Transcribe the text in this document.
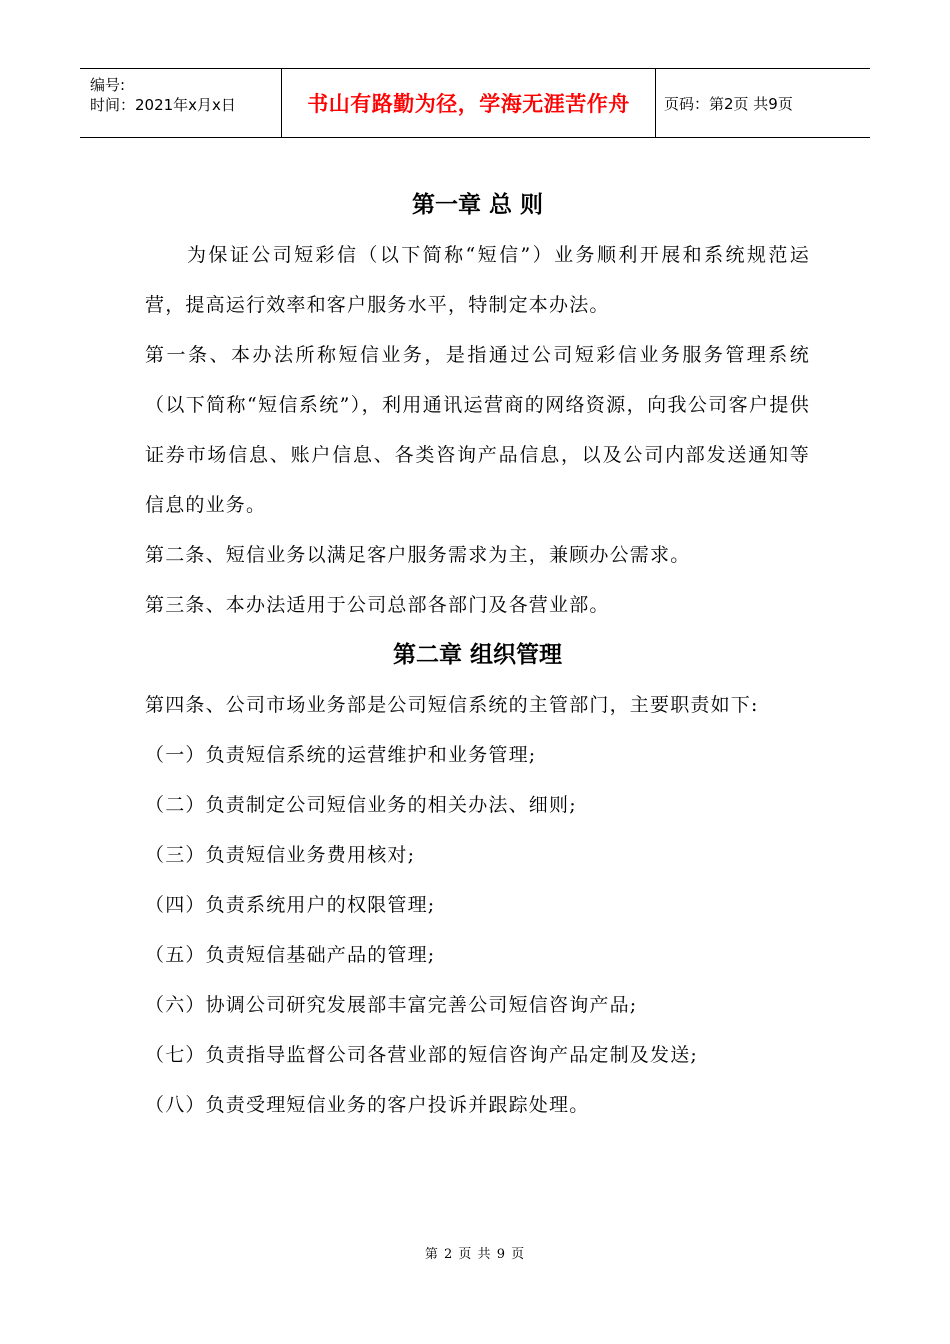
编号:
时间：2021年x月x日	书山有路勤为径，学海无涯苦作舟	页码：第2页 共9页
第一章 总 则

为保证公司短彩信（以下简称“短信”）业务顺利开展和系统规范运营，提高运行效率和客户服务水平，特制定本办法。

第一条、本办法所称短信业务，是指通过公司短彩信业务服务管理系统（以下简称“短信系统”），利用通讯运营商的网络资源，向我公司客户提供证券市场信息、账户信息、各类咨询产品信息，以及公司内部发送通知等信息的业务。

第二条、短信业务以满足客户服务需求为主，兼顾办公需求。

第三条、本办法适用于公司总部各部门及各营业部。

第二章 组织管理

第四条、公司市场业务部是公司短信系统的主管部门，主要职责如下:

（一）负责短信系统的运营维护和业务管理;

（二）负责制定公司短信业务的相关办法、细则;

（三）负责短信业务费用核对;

（四）负责系统用户的权限管理;

（五）负责短信基础产品的管理;

（六）协调公司研究发展部丰富完善公司短信咨询产品;

（七）负责指导监督公司各营业部的短信咨询产品定制及发送;

（八）负责受理短信业务的客户投诉并跟踪处理。

第 2 页 共 9 页
